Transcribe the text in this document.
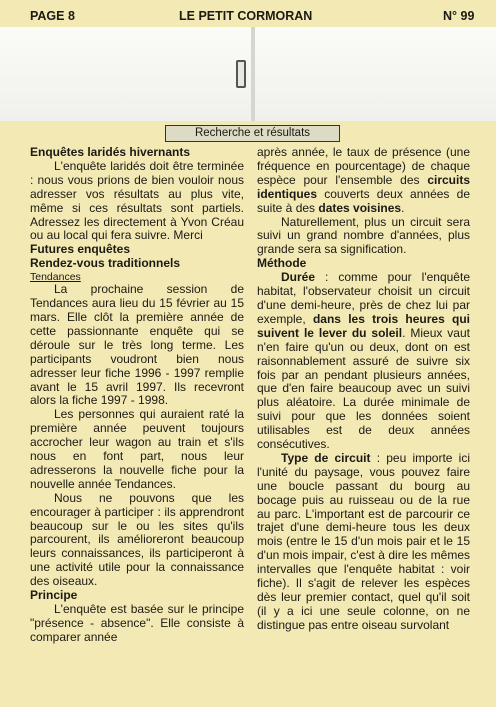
PAGE 8	LE PETIT CORMORAN	N° 99
Recherche et résultats

Enquêtes laridés hivernants

L'enquête laridés doit être terminée : nous vous prions de bien vouloir nous adresser vos résultats au plus vite, même si ces résultats sont partiels. Adressez les directement à Yvon Créau ou au local qui fera suivre. Merci

Futures enquêtes

Rendez-vous traditionnels

Tendances

La prochaine session de Tendances aura lieu du 15 février au 15 mars. Elle clôt la première année de cette passionnante enquête qui se déroule sur le très long terme. Les participants voudront bien nous adresser leur fiche 1996 - 1997 remplie avant le 15 avril 1997. Ils recevront alors la fiche 1997 - 1998.

Les personnes qui auraient raté la première année peuvent toujours accrocher leur wagon au train et s'ils nous en font part, nous leur adresserons la nouvelle fiche pour la nouvelle année Tendances.

Nous ne pouvons que les encourager à participer : ils apprendront beaucoup sur le ou les sites qu'ils parcourent, ils amélioreront beaucoup leurs connaissances, ils participeront à une activité utile pour la connaissance des oiseaux.

Principe

L'enquête est basée sur le principe "présence - absence". Elle consiste à comparer année

après année, le taux de présence (une fréquence en pourcentage) de chaque espèce pour l'ensemble des circuits identiques couverts deux années de suite à des dates voisines.

Naturellement, plus un circuit sera suivi un grand nombre d'années, plus grande sera sa signification.

Méthode

Durée : comme pour l'enquête habitat, l'observateur choisit un circuit d'une demi-heure, près de chez lui par exemple, dans les trois heures qui suivent le lever du soleil. Mieux vaut n'en faire qu'un ou deux, dont on est raisonnablement assuré de suivre six fois par an pendant plusieurs années, que d'en faire beaucoup avec un suivi plus aléatoire. La durée minimale de suivi pour que les données soient utilisables est de deux années consécutives.

Type de circuit : peu importe ici l'unité du paysage, vous pouvez faire une boucle passant du bourg au bocage puis au ruisseau ou de la rue au parc. L'important est de parcourir ce trajet d'une demi-heure tous les deux mois (entre le 15 d'un mois pair et le 15 d'un mois impair, c'est à dire les mêmes intervalles que l'enquête habitat : voir fiche). Il s'agit de relever les espèces dès leur premier contact, quel qu'il soit (il y a ici une seule colonne, on ne distingue pas entre oiseau survolant
